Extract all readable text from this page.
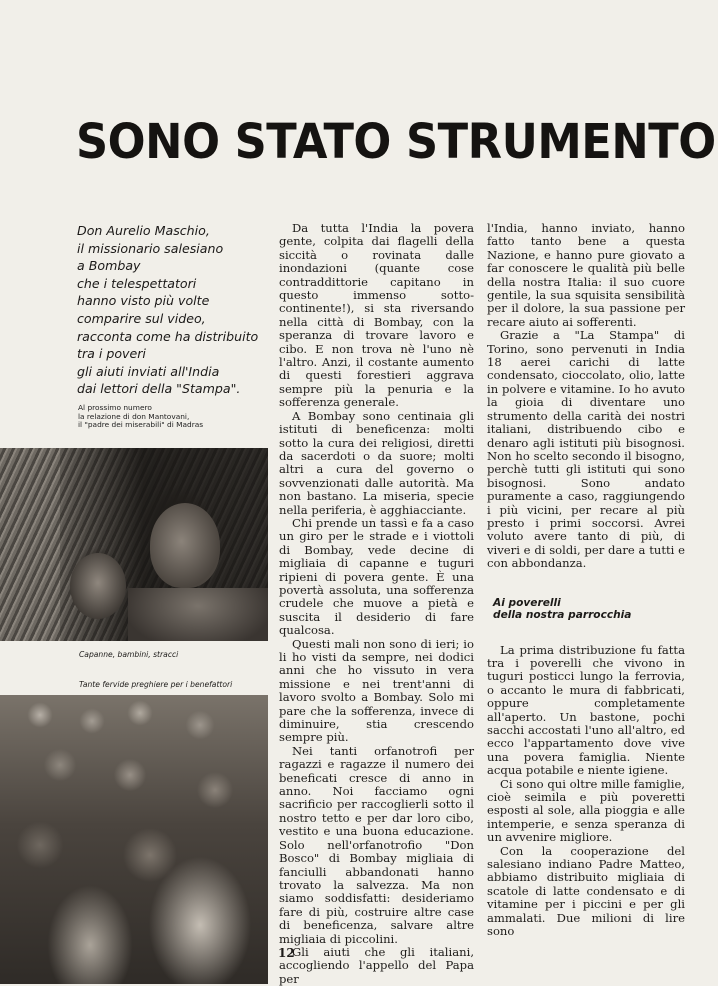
SONO STATO STRUMENTO
Don Aurelio Maschio,
il missionario salesiano
a Bombay
che i telespettatori
hanno visto più volte
comparire sul video,
racconta come ha distribuito
tra i poveri
gli aiuti inviati all'India
dai lettori della "Stampa".
Al prossimo numero
la relazione di don Mantovani,
il "padre dei miserabili" di Madras
Capanne, bambini, stracci
Tante fervide preghiere per i benefattori

Da tutta l'India la povera gente, colpita dai flagelli della siccità o rovinata dalle inondazioni (quante cose contraddittorie capitano in questo immenso sotto-continente!), si sta riversando nella città di Bombay, con la speranza di trovare lavoro e cibo. E non trova nè l'uno nè l'altro. Anzi, il costante aumento di questi forestieri aggrava sempre più la penuria e la sofferenza generale.

A Bombay sono centinaia gli istituti di beneficenza: molti sotto la cura dei religiosi, diretti da sacerdoti o da suore; molti altri a cura del governo o sovvenzionati dalle autorità. Ma non bastano. La miseria, specie nella periferia, è agghiacciante.

Chi prende un tassì e fa a caso un giro per le strade e i viottoli di Bombay, vede decine di migliaia di capanne e tuguri ripieni di povera gente. È una povertà assoluta, una sofferenza crudele che muove a pietà e suscita il desiderio di fare qualcosa.

Questi mali non sono di ieri; io li ho visti da sempre, nei dodici anni che ho vissuto in vera missione e nei trent'anni di lavoro svolto a Bombay. Solo mi pare che la sofferenza, invece di diminuire, stia crescendo sempre più.

Nei tanti orfanotrofi per ragazzi e ragazze il numero dei beneficati cresce di anno in anno. Noi facciamo ogni sacrificio per raccoglierli sotto il nostro tetto e per dar loro cibo, vestito e una buona educazione. Solo nell'orfanotrofio "Don Bosco" di Bombay migliaia di fanciulli abbandonati hanno trovato la salvezza. Ma non siamo soddisfatti: desideriamo fare di più, costruire altre case di beneficenza, salvare altre migliaia di piccolini.

Gli aiuti che gli italiani, accogliendo l'appello del Papa per

l'India, hanno inviato, hanno fatto tanto bene a questa Nazione, e hanno pure giovato a far conoscere le qualità più belle della nostra Italia: il suo cuore gentile, la sua squisita sensibilità per il dolore, la sua passione per recare aiuto ai sofferenti.

Grazie a "La Stampa" di Torino, sono pervenuti in India 18 aerei carichi di latte condensato, cioccolato, olio, latte in polvere e vitamine. Io ho avuto la gioia di diventare uno strumento della carità dei nostri italiani, distribuendo cibo e denaro agli istituti più bisognosi. Non ho scelto secondo il bisogno, perchè tutti gli istituti qui sono bisognosi. Sono andato puramente a caso, raggiungendo i più vicini, per recare al più presto i primi soccorsi. Avrei voluto avere tanto di più, di viveri e di soldi, per dare a tutti e con abbondanza.

Ai poverelli
della nostra parrocchia

La prima distribuzione fu fatta tra i poverelli che vivono in tuguri posticci lungo la ferrovia, o accanto le mura di fabbricati, oppure completamente all'aperto. Un bastone, pochi sacchi accostati l'uno all'altro, ed ecco l'appartamento dove vive una povera famiglia. Niente acqua potabile e niente igiene.

Ci sono qui oltre mille famiglie, cioè seimila e più poveretti esposti al sole, alla pioggia e alle intemperie, e senza speranza di un avvenire migliore.

Con la cooperazione del salesiano indiano Padre Matteo, abbiamo distribuito migliaia di scatole di latte condensato e di vitamine per i piccini e per gli ammalati. Due milioni di lire sono

12
